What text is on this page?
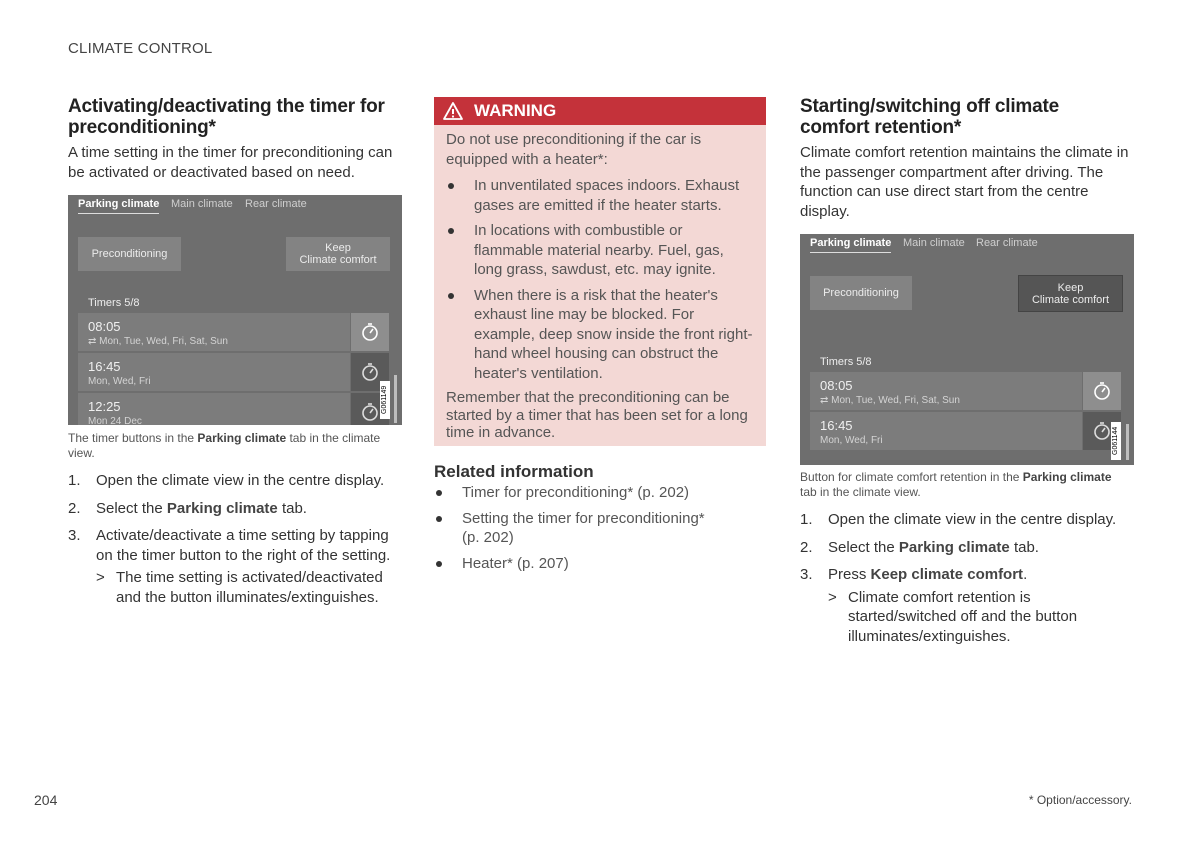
CLIMATE CONTROL
Activating/deactivating the timer for preconditioning*
A time setting in the timer for preconditioning can be activated or deactivated based on need.
Parking climate Main climate Rear climate
Preconditioning	Keep
Climate comfort
Timers 5/8
08:05
⇄ Mon, Tue, Wed, Fri, Sat, Sun
16:45
Mon, Wed, Fri
12:25
Mon 24 Dec
G061149
The timer buttons in the Parking climate tab in the climate view.
1. Open the climate view in the centre display.
2. Select the Parking climate tab.
3. Activate/deactivate a time setting by tapping on the timer button to the right of the setting.
> The time setting is activated/deactivated and the button illuminates/extinguishes.
WARNING
Do not use preconditioning if the car is equipped with a heater*:
In unventilated spaces indoors. Exhaust gases are emitted if the heater starts.
In locations with combustible or flammable material nearby. Fuel, gas, long grass, sawdust, etc. may ignite.
When there is a risk that the heater's exhaust line may be blocked. For example, deep snow inside the front right-hand wheel housing can obstruct the heater's ventilation.
Remember that the preconditioning can be started by a timer that has been set for a long time in advance.
Related information
Timer for preconditioning* (p. 202)
Setting the timer for preconditioning* (p. 202)
Heater* (p. 207)
Starting/switching off climate comfort retention*
Climate comfort retention maintains the climate in the passenger compartment after driving. The function can use direct start from the centre display.
Parking climate Main climate Rear climate
Preconditioning	Keep
Climate comfort
Timers 5/8
08:05
⇄ Mon, Tue, Wed, Fri, Sat, Sun
16:45
Mon, Wed, Fri	G061144
Button for climate comfort retention in the Parking climate tab in the climate view.
1. Open the climate view in the centre display.
2. Select the Parking climate tab.
3. Press Keep climate comfort.
> Climate comfort retention is started/switched off and the button illuminates/extinguishes.
204	* Option/accessory.
